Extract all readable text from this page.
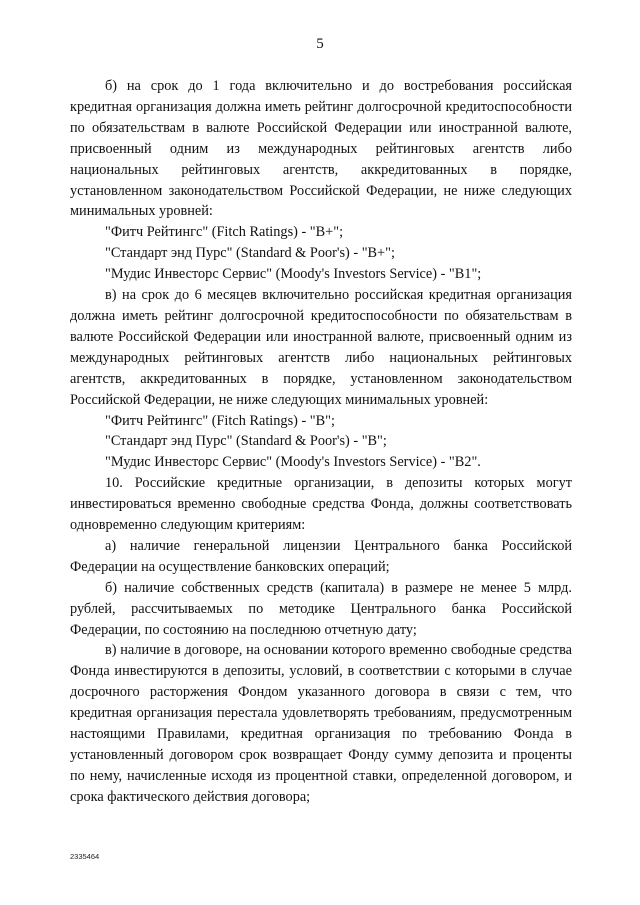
5

б) на срок до 1 года включительно и до востребования российская кредитная организация должна иметь рейтинг долгосрочной кредитоспособности по обязательствам в валюте Российской Федерации или иностранной валюте, присвоенный одним из международных рейтинговых агентств либо национальных рейтинговых агентств, аккредитованных в порядке, установленном законодательством Российской Федерации, не ниже следующих минимальных уровней:

"Фитч Рейтингс" (Fitch Ratings) - "B+";

"Стандарт энд Пурс" (Standard & Poor's) - "B+";

"Мудис Инвесторс Сервис" (Moody's Investors Service) - "B1";

в) на срок до 6 месяцев включительно российская кредитная организация должна иметь рейтинг долгосрочной кредитоспособности по обязательствам в валюте Российской Федерации или иностранной валюте, присвоенный одним из международных рейтинговых агентств либо национальных рейтинговых агентств, аккредитованных в порядке, установленном законодательством Российской Федерации, не ниже следующих минимальных уровней:

"Фитч Рейтингс" (Fitch Ratings) - "B";

"Стандарт энд Пурс" (Standard & Poor's) - "B";

"Мудис Инвесторс Сервис" (Moody's Investors Service) - "B2".

10. Российские кредитные организации, в депозиты которых могут инвестироваться временно свободные средства Фонда, должны соответствовать одновременно следующим критериям:

а) наличие генеральной лицензии Центрального банка Российской Федерации на осуществление банковских операций;

б) наличие собственных средств (капитала) в размере не менее 5 млрд. рублей, рассчитываемых по методике Центрального банка Российской Федерации, по состоянию на последнюю отчетную дату;

в) наличие в договоре, на основании которого временно свободные средства Фонда инвестируются в депозиты, условий, в соответствии с которыми в случае досрочного расторжения Фондом указанного договора в связи с тем, что кредитная организация перестала удовлетворять требованиям, предусмотренным настоящими Правилами, кредитная организация по требованию Фонда в установленный договором срок возвращает Фонду сумму депозита и проценты по нему, начисленные исходя из процентной ставки, определенной договором, и срока фактического действия договора;

2335464
